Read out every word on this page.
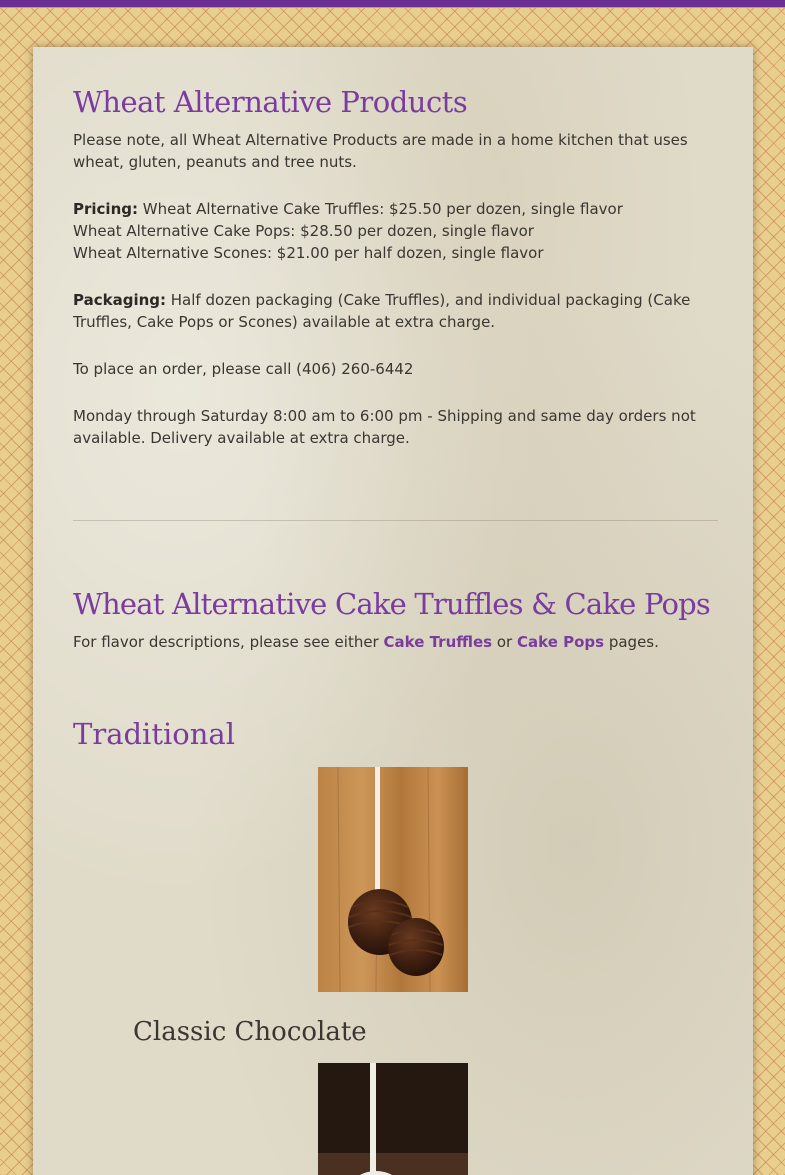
Wheat Alternative Products

Please note, all Wheat Alternative Products are made in a home kitchen that uses wheat, gluten, peanuts and tree nuts.

Pricing: Wheat Alternative Cake Truffles: $25.50 per dozen, single flavor
Wheat Alternative Cake Pops: $28.50 per dozen, single flavor
Wheat Alternative Scones: $21.00 per half dozen, single flavor

Packaging: Half dozen packaging (Cake Truffles), and individual packaging (Cake Truffles, Cake Pops or Scones) available at extra charge.

To place an order, please call (406) 260-6442

Monday through Saturday 8:00 am to 6:00 pm - Shipping and same day orders not available. Delivery available at extra charge.

Wheat Alternative Cake Truffles & Cake Pops

For flavor descriptions, please see either Cake Truffles or Cake Pops pages.

Traditional
Classic Chocolate
